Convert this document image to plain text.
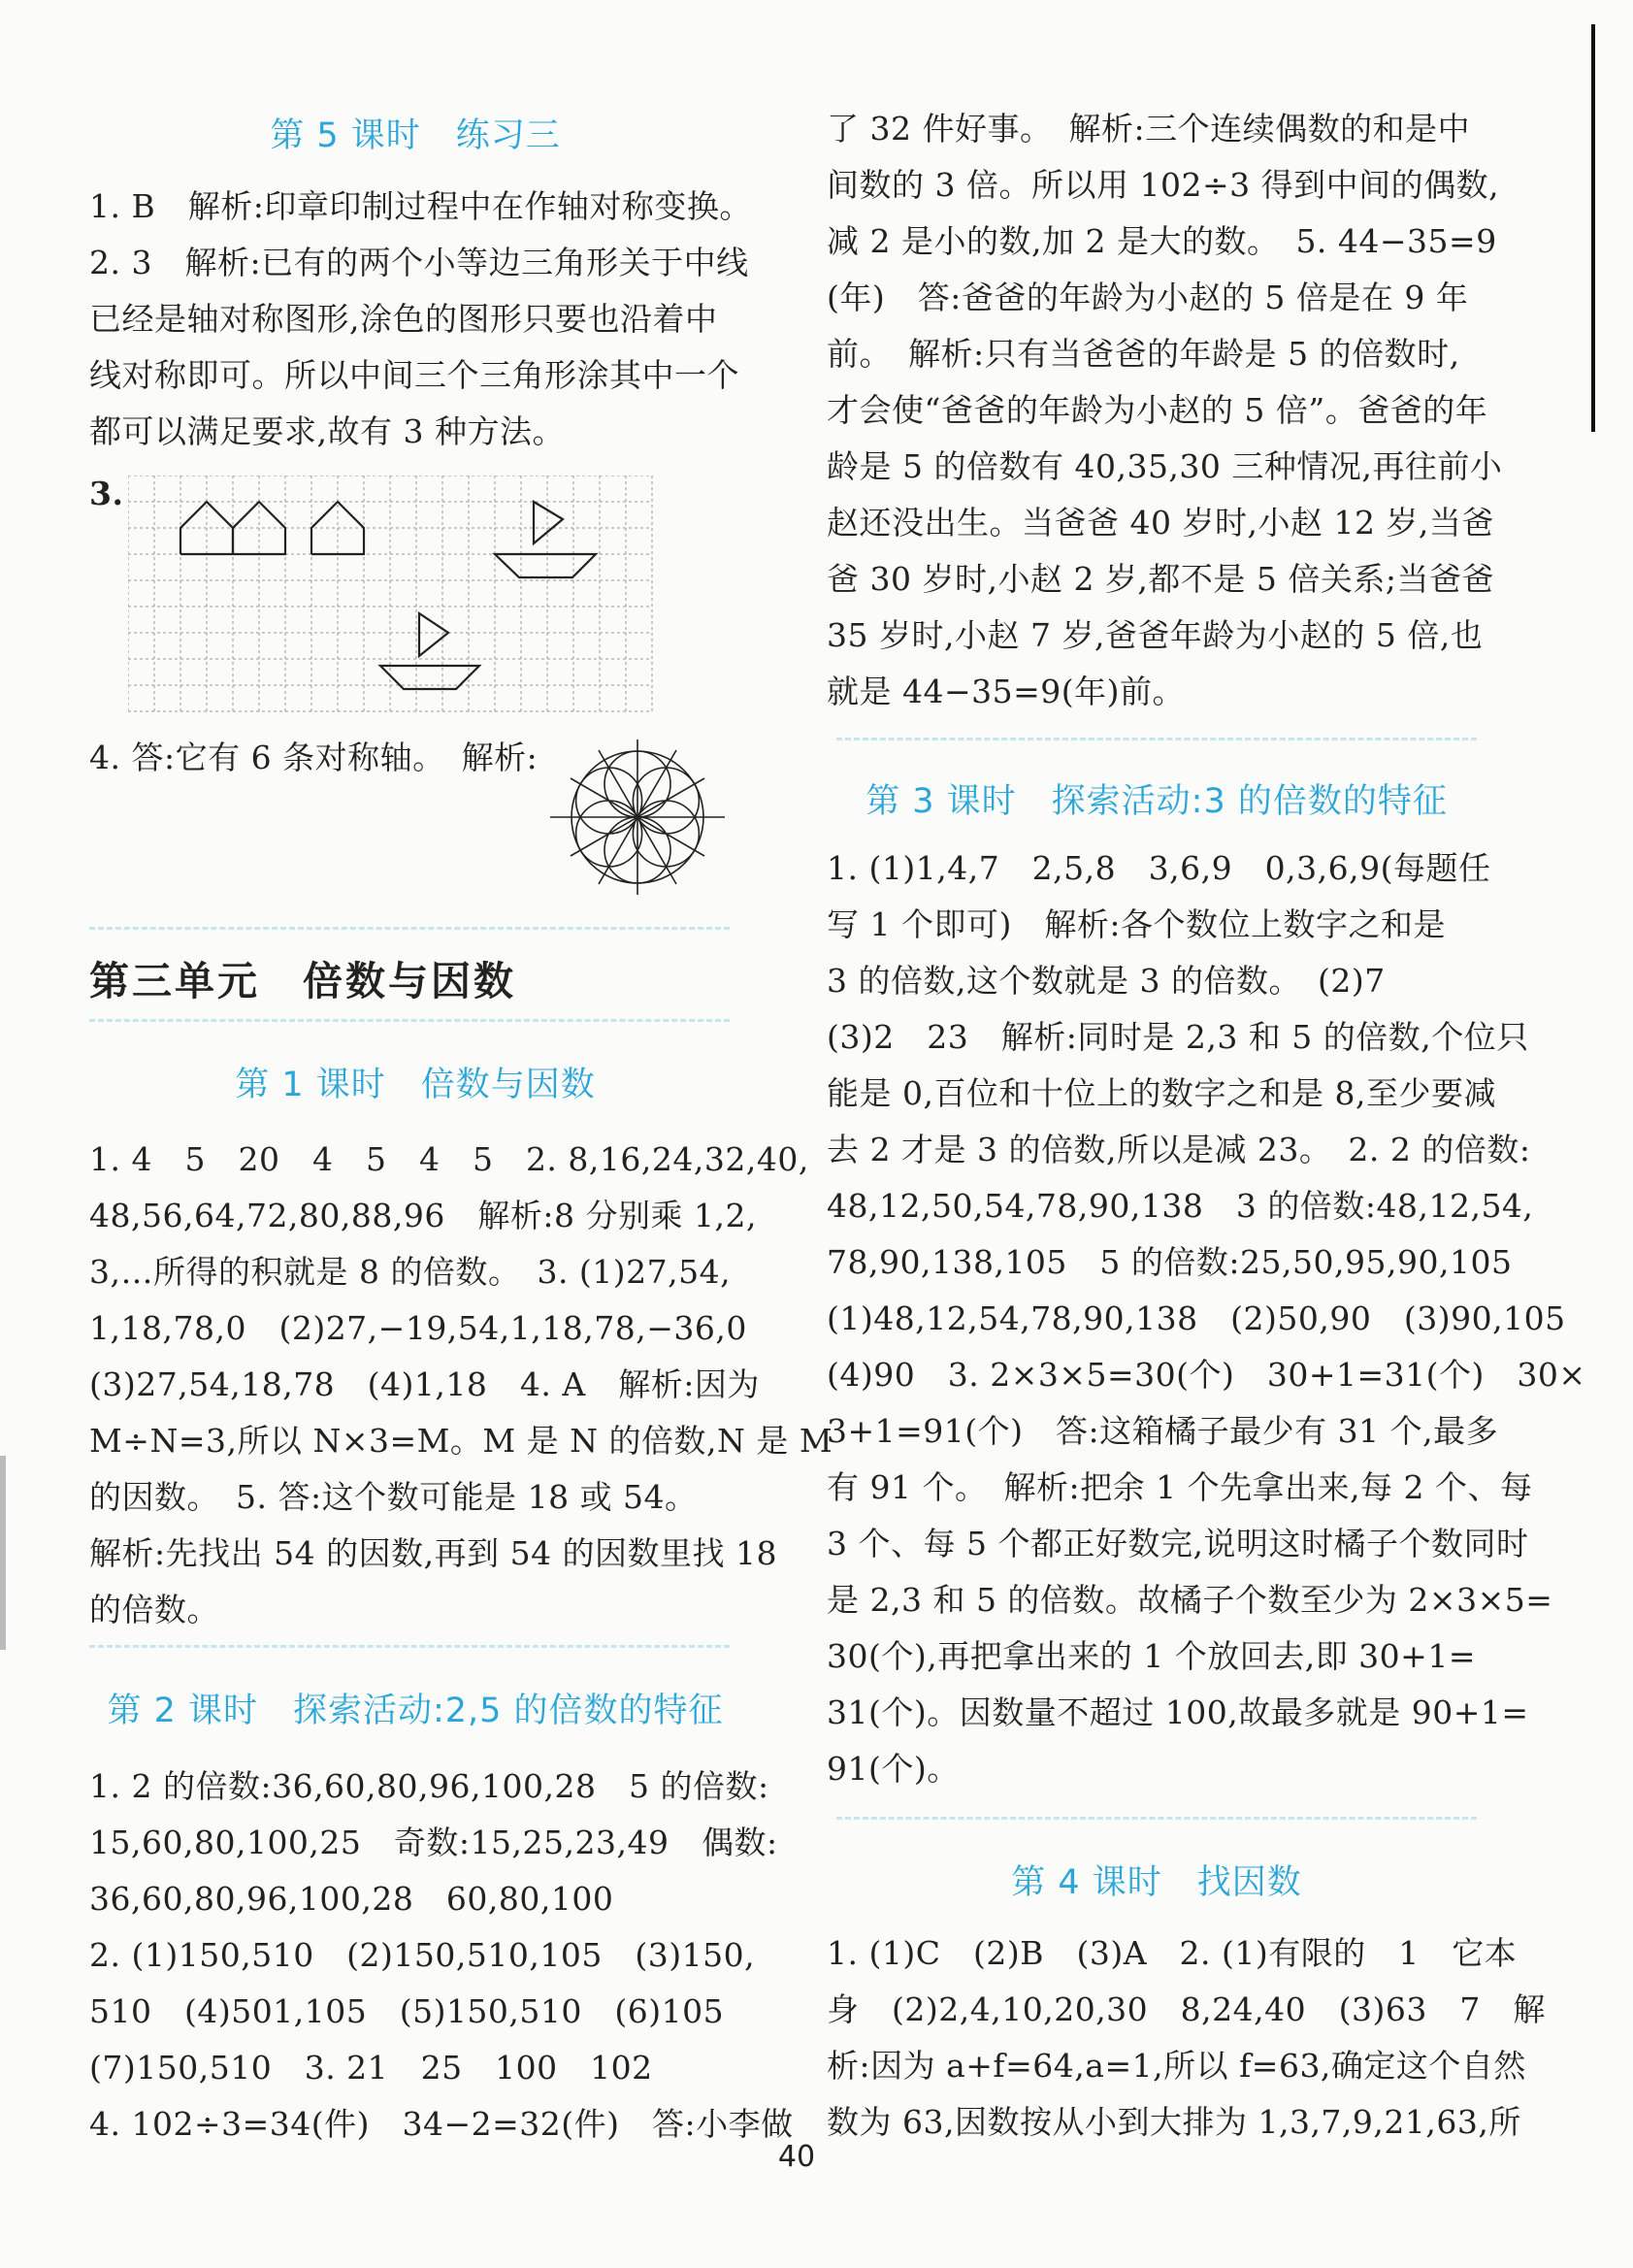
第 5 课时　练习三
1. B　解析:印章印制过程中在作轴对称变换。
2. 3　解析:已有的两个小等边三角形关于中线
已经是轴对称图形,涂色的图形只要也沿着中
线对称即可。所以中间三个三角形涂其中一个
都可以满足要求,故有 3 种方法。
3.
4. 答:它有 6 条对称轴。　解析:
第三单元　倍数与因数
第 1 课时　倍数与因数
1. 4　5　20　4　5　4　5　2. 8,16,24,32,40,
48,56,64,72,80,88,96　解析:8 分别乘 1,2,
3,…所得的积就是 8 的倍数。　3. (1)27,54,
1,18,78,0　(2)27,−19,54,1,18,78,−36,0
(3)27,54,18,78　(4)1,18　4. A　解析:因为
M÷N=3,所以 N×3=M。M 是 N 的倍数,N 是 M
的因数。　5. 答:这个数可能是 18 或 54。
解析:先找出 54 的因数,再到 54 的因数里找 18
的倍数。
第 2 课时　探索活动:2,5 的倍数的特征
1. 2 的倍数:36,60,80,96,100,28　5 的倍数:
15,60,80,100,25　奇数:15,25,23,49　偶数:
36,60,80,96,100,28　60,80,100
2. (1)150,510　(2)150,510,105　(3)150,
510　(4)501,105　(5)150,510　(6)105
(7)150,510　3. 21　25　100　102
4. 102÷3=34(件)　34−2=32(件)　答:小李做
了 32 件好事。　解析:三个连续偶数的和是中
间数的 3 倍。所以用 102÷3 得到中间的偶数,
减 2 是小的数,加 2 是大的数。　5. 44−35=9
(年)　答:爸爸的年龄为小赵的 5 倍是在 9 年
前。　解析:只有当爸爸的年龄是 5 的倍数时,
才会使“爸爸的年龄为小赵的 5 倍”。爸爸的年
龄是 5 的倍数有 40,35,30 三种情况,再往前小
赵还没出生。当爸爸 40 岁时,小赵 12 岁,当爸
爸 30 岁时,小赵 2 岁,都不是 5 倍关系;当爸爸
35 岁时,小赵 7 岁,爸爸年龄为小赵的 5 倍,也
就是 44−35=9(年)前。
第 3 课时　探索活动:3 的倍数的特征
1. (1)1,4,7　2,5,8　3,6,9　0,3,6,9(每题任
写 1 个即可)　解析:各个数位上数字之和是
3 的倍数,这个数就是 3 的倍数。　(2)7
(3)2　23　解析:同时是 2,3 和 5 的倍数,个位只
能是 0,百位和十位上的数字之和是 8,至少要减
去 2 才是 3 的倍数,所以是减 23。　2. 2 的倍数:
48,12,50,54,78,90,138　3 的倍数:48,12,54,
78,90,138,105　5 的倍数:25,50,95,90,105
(1)48,12,54,78,90,138　(2)50,90　(3)90,105
(4)90　3. 2×3×5=30(个)　30+1=31(个)　30×
3+1=91(个)　答:这箱橘子最少有 31 个,最多
有 91 个。　解析:把余 1 个先拿出来,每 2 个、每
3 个、每 5 个都正好数完,说明这时橘子个数同时
是 2,3 和 5 的倍数。故橘子个数至少为 2×3×5=
30(个),再把拿出来的 1 个放回去,即 30+1=
31(个)。因数量不超过 100,故最多就是 90+1=
91(个)。
第 4 课时　找因数
1. (1)C　(2)B　(3)A　2. (1)有限的　1　它本
身　(2)2,4,10,20,30　8,24,40　(3)63　7　解
析:因为 a+f=64,a=1,所以 f=63,确定这个自然
数为 63,因数按从小到大排为 1,3,7,9,21,63,所
40
